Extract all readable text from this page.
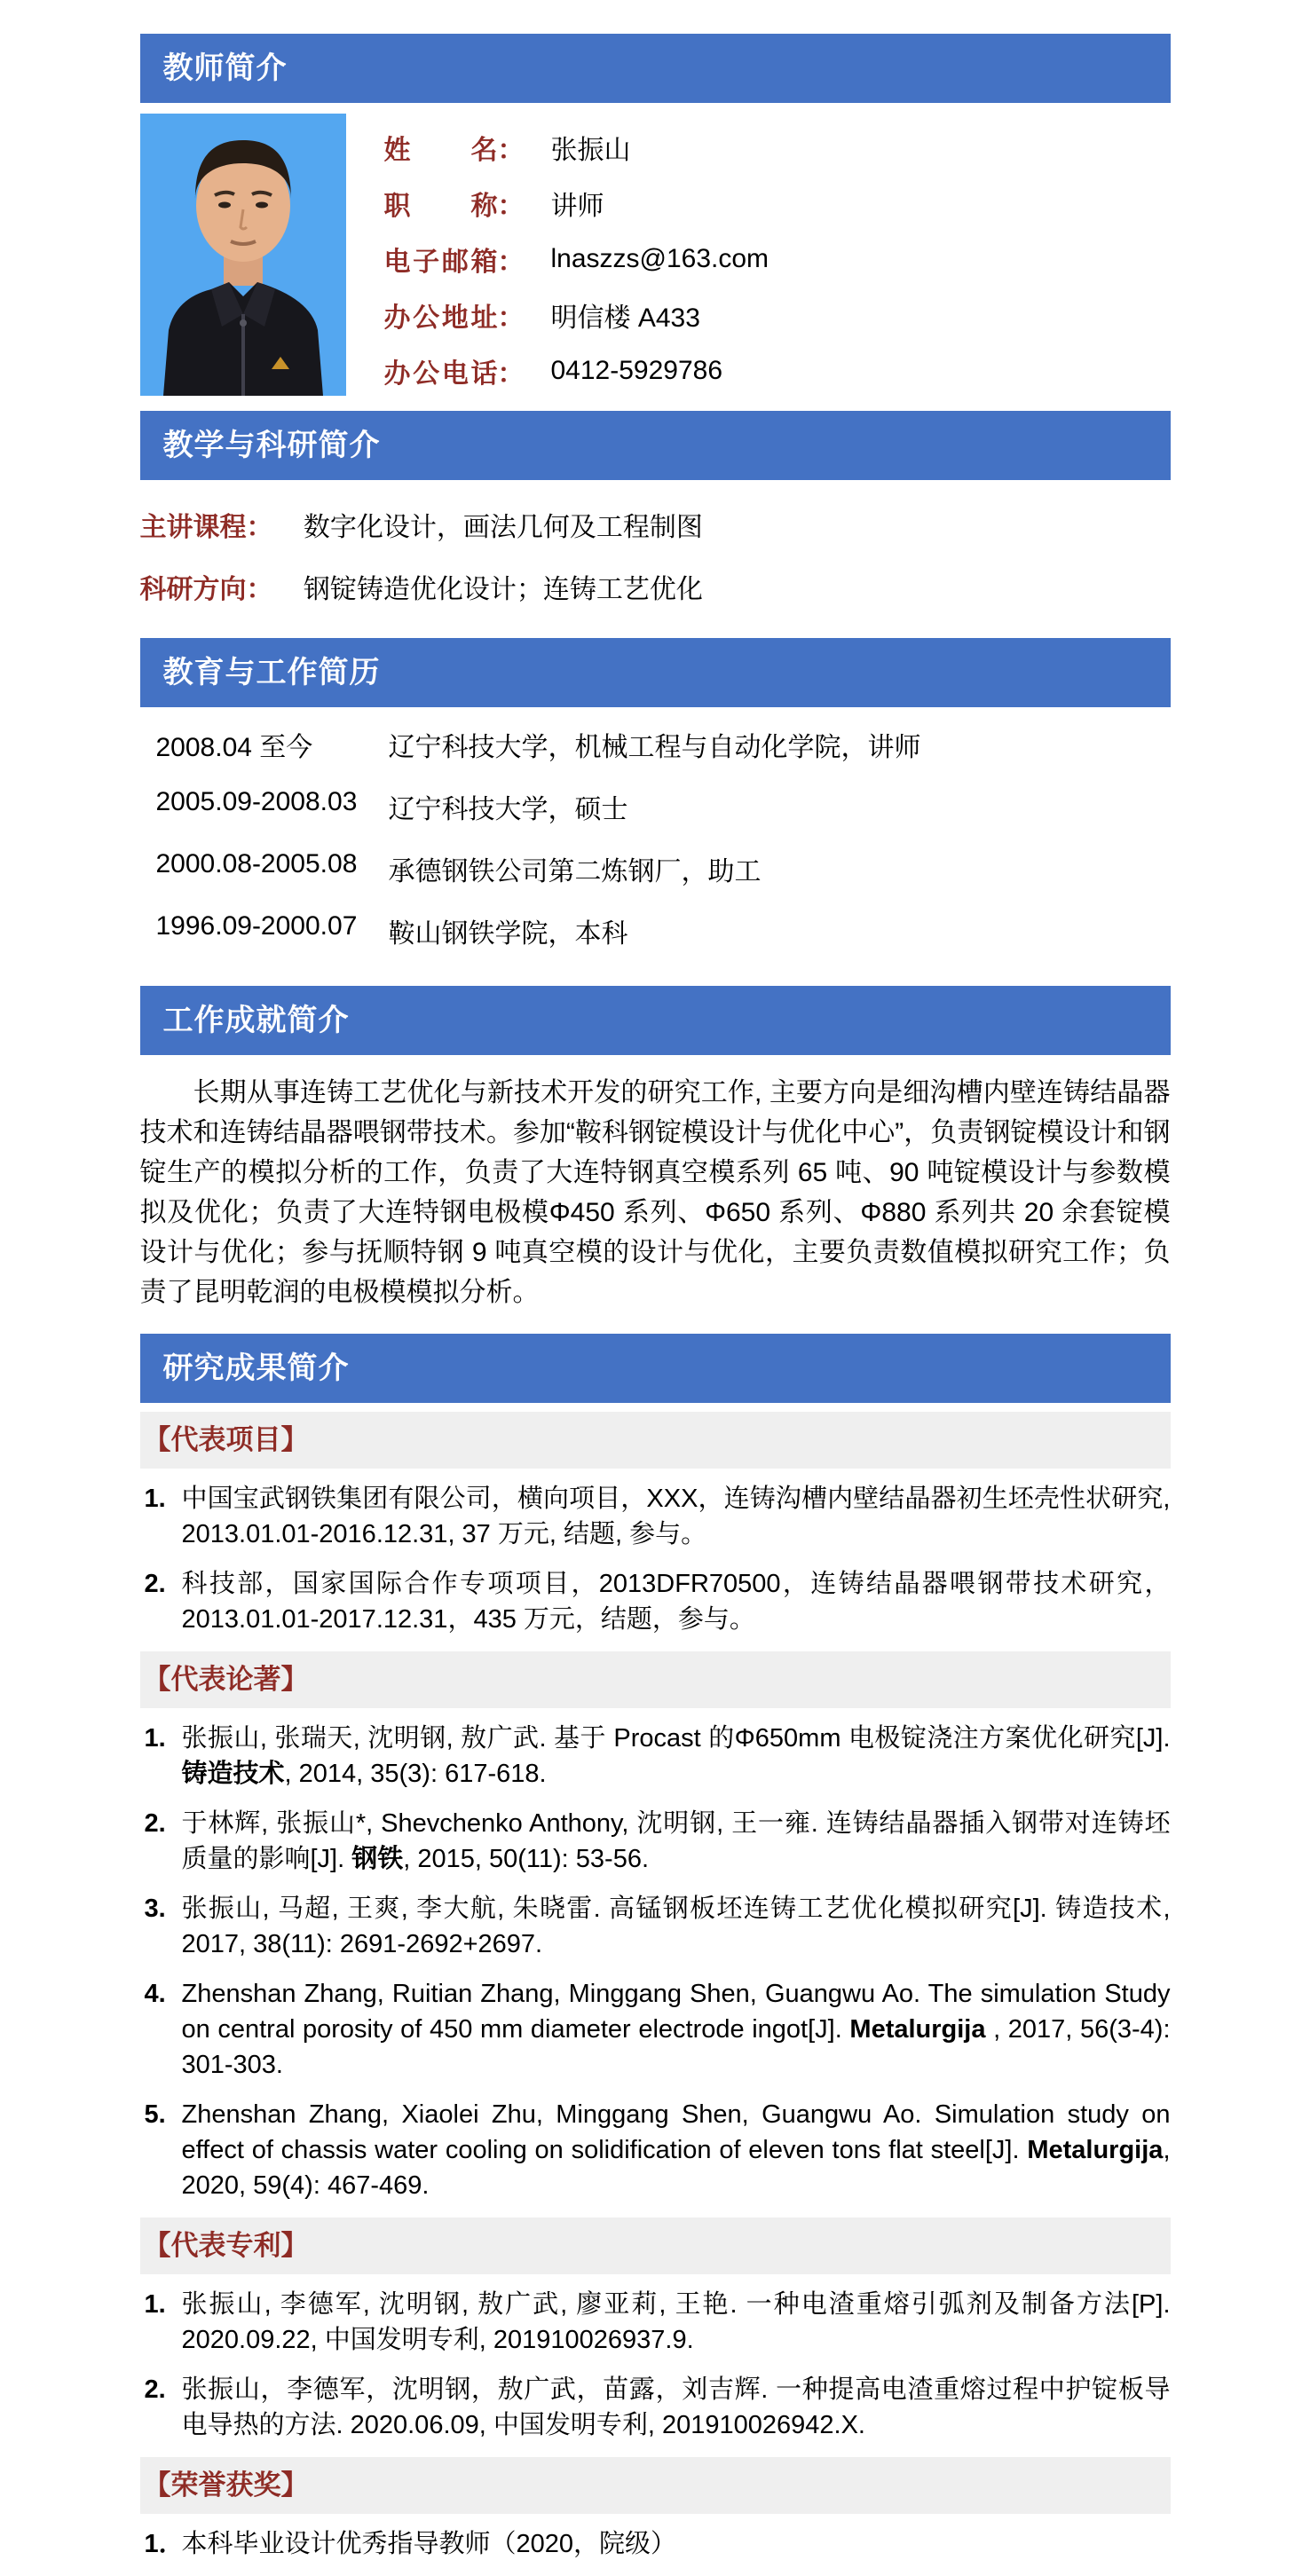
教师简介
姓名 ： 张振山
职称 ： 讲师
电子邮箱 ： lnaszzs@163.com
办公地址 ： 明信楼 A433
办公电话 ： 0412-5929786
教学与科研简介
主讲课程： 数字化设计，画法几何及工程制图
科研方向： 钢锭铸造优化设计；连铸工艺优化
教育与工作简历
2008.04 至今	辽宁科技大学，机械工程与自动化学院，讲师
2005.09-2008.03	辽宁科技大学，硕士
2000.08-2005.08	承德钢铁公司第二炼钢厂，助工
1996.09-2000.07	鞍山钢铁学院，本科
工作成就简介

长期从事连铸工艺优化与新技术开发的研究工作, 主要方向是细沟槽内壁连铸结晶器技术和连铸结晶器喂钢带技术。参加“鞍科钢锭模设计与优化中心”，负责钢锭模设计和钢锭生产的模拟分析的工作，负责了大连特钢真空模系列 65 吨、90 吨锭模设计与参数模拟及优化；负责了大连特钢电极模Φ450 系列、Φ650 系列、Φ880 系列共 20 余套锭模设计与优化；参与抚顺特钢 9 吨真空模的设计与优化，主要负责数值模拟研究工作；负责了昆明乾润的电极模模拟分析。

研究成果简介
【代表项目】
1. 中国宝武钢铁集团有限公司，横向项目，XXX，连铸沟槽内壁结晶器初生坯壳性状研究, 2013.01.01-2016.12.31, 37 万元, 结题, 参与。
2. 科技部，国家国际合作专项项目，2013DFR70500，连铸结晶器喂钢带技术研究，2013.01.01-2017.12.31，435 万元，结题，参与。
【代表论著】
1. 张振山, 张瑞天, 沈明钢, 敖广武. 基于 Procast 的Φ650mm 电极锭浇注方案优化研究[J]. 铸造技术, 2014, 35(3): 617-618.
2. 于林辉, 张振山*, Shevchenko Anthony, 沈明钢, 王一雍. 连铸结晶器插入钢带对连铸坯质量的影响[J]. 钢铁, 2015, 50(11): 53-56.
3. 张振山, 马超, 王爽, 李大航, 朱晓雷. 高锰钢板坯连铸工艺优化模拟研究[J]. 铸造技术, 2017, 38(11): 2691-2692+2697.
4. Zhenshan Zhang, Ruitian Zhang, Minggang Shen, Guangwu Ao. The simulation Study on central porosity of 450 mm diameter electrode ingot[J]. Metalurgija , 2017, 56(3-4): 301-303.
5. Zhenshan Zhang, Xiaolei Zhu, Minggang Shen, Guangwu Ao. Simulation study on effect of chassis water cooling on solidification of eleven tons flat steel[J]. Metalurgija, 2020, 59(4): 467-469.
【代表专利】
1. 张振山, 李德军, 沈明钢, 敖广武, 廖亚莉, 王艳. 一种电渣重熔引弧剂及制备方法[P]. 2020.09.22, 中国发明专利, 201910026937.9.
2. 张振山，李德军，沈明钢，敖广武，苗露，刘吉辉. 一种提高电渣重熔过程中护锭板导电导热的方法. 2020.06.09, 中国发明专利, 201910026942.X.
【荣誉获奖】
1．
本科毕业设计优秀指导教师（2020，院级）
